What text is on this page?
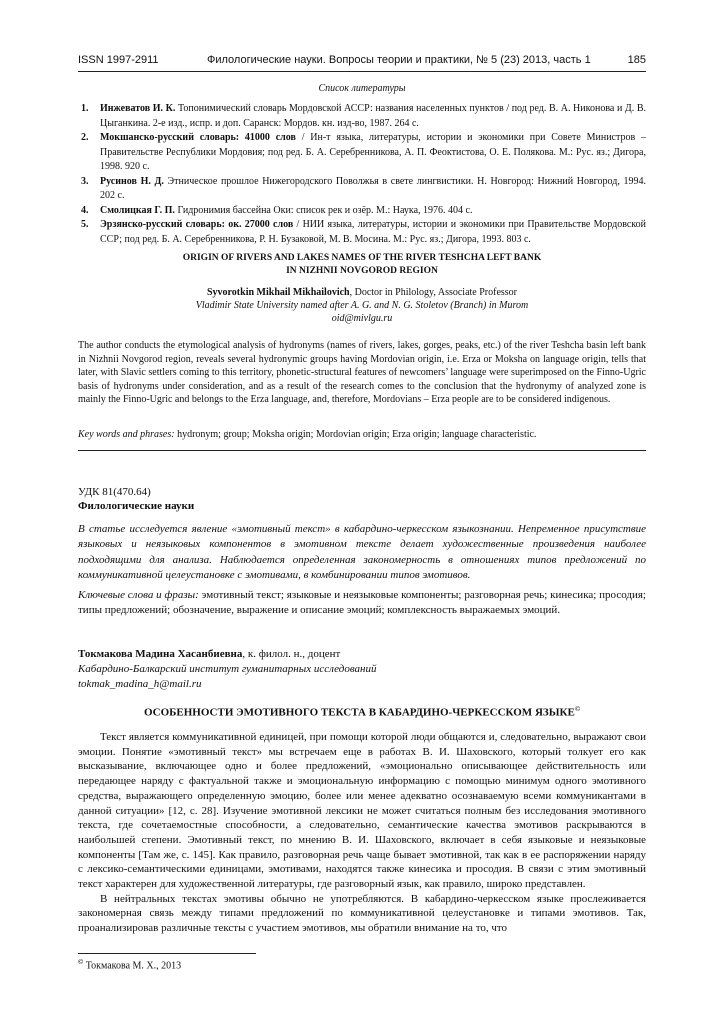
ISSN 1997-2911	Филологические науки. Вопросы теории и практики, № 5 (23) 2013, часть 1	185
Список литературы
1. Инжеватов И. К. Топонимический словарь Мордовской АССР: названия населенных пунктов / под ред. В. А. Никонова и Д. В. Цыганкина. 2-е изд., испр. и доп. Саранск: Мордов. кн. изд-во, 1987. 264 с.
2. Мокшанско-русский словарь: 41000 слов / Ин-т языка, литературы, истории и экономики при Совете Министров – Правительстве Республики Мордовия; под ред. Б. А. Серебренникова, А. П. Феоктистова, О. Е. Полякова. М.: Рус. яз.; Дигора, 1998. 920 с.
3. Русинов Н. Д. Этническое прошлое Нижегородского Поволжья в свете лингвистики. Н. Новгород: Нижний Новгород, 1994. 202 с.
4. Смолицкая Г. П. Гидронимия бассейна Оки: список рек и озёр. М.: Наука, 1976. 404 с.
5. Эрзянско-русский словарь: ок. 27000 слов / НИИ языка, литературы, истории и экономики при Правительстве Мордовской ССР; под ред. Б. А. Серебренникова, Р. Н. Бузаковой, М. В. Мосина. М.: Рус. яз.; Дигора, 1993. 803 с.
ORIGIN OF RIVERS AND LAKES NAMES OF THE RIVER TESHCHA LEFT BANK
IN NIZHNII NOVGOROD REGION
Syvorotkin Mikhail Mikhailovich, Doctor in Philology, Associate Professor
Vladimir State University named after A. G. and N. G. Stoletov (Branch) in Murom
oid@mivlgu.ru

The author conducts the etymological analysis of hydronyms (names of rivers, lakes, gorges, peaks, etc.) of the river Teshcha basin left bank in Nizhnii Novgorod region, reveals several hydronymic groups having Mordovian origin, i.e. Erza or Moksha on language origin, tells that later, with Slavic settlers coming to this territory, phonetic-structural features of newcomers’ language were superimposed on the Finno-Ugric basis of hydronyms under consideration, and as a result of the research comes to the conclusion that the hydronymy of analyzed zone is mainly the Finno-Ugric and belongs to the Erza language, and, therefore, Mordovians – Erza people are to be considered indigenous.

Key words and phrases: hydronym; group; Moksha origin; Mordovian origin; Erza origin; language characteristic.

УДК 81(470.64)
Филологические науки

В статье исследуется явление «эмотивный текст» в кабардино-черкесском языкознании. Непременное присутствие языковых и неязыковых компонентов в эмотивном тексте делает художественные произведения наиболее подходящими для анализа. Наблюдается определенная закономерность в отношениях типов предложений по коммуникативной целеустановке с эмотивами, в комбинировании типов эмотивов.

Ключевые слова и фразы: эмотивный текст; языковые и неязыковые компоненты; разговорная речь; кинесика; просодия; типы предложений; обозначение, выражение и описание эмоций; комплексность выражаемых эмоций.

Токмакова Мадина Хасанбиевна, к. филол. н., доцент
Кабардино-Балкарский институт гуманитарных исследований
tokmak_madina_h@mail.ru
ОСОБЕННОСТИ ЭМОТИВНОГО ТЕКСТА В КАБАРДИНО-ЧЕРКЕССКОМ ЯЗЫКЕ©

Текст является коммуникативной единицей, при помощи которой люди общаются и, следовательно, выражают свои эмоции. Понятие «эмотивный текст» мы встречаем еще в работах В. И. Шаховского, который толкует его как высказывание, включающее одно и более предложений, «эмоционально описывающее действительность или передающее наряду с фактуальной также и эмоциональную информацию с помощью минимум одного эмотивного средства, выражающего определенную эмоцию, более или менее адекватно осознаваемую всеми коммуникантами в данной ситуации» [12, с. 28]. Изучение эмотивной лексики не может считаться полным без исследования эмотивного текста, где сочетаемостные способности, а следовательно, семантические качества эмотивов раскрываются в наибольшей степени. Эмотивный текст, по мнению В. И. Шаховского, включает в себя языковые и неязыковые компоненты [Там же, с. 145]. Как правило, разговорная речь чаще бывает эмотивной, так как в ее распоряжении наряду с лексико-семантическими единицами, эмотивами, находятся также кинесика и просодия. В связи с этим эмотивный текст характерен для художественной литературы, где разговорный язык, как правило, широко представлен.

В нейтральных текстах эмотивы обычно не употребляются. В кабардино-черкесском языке прослеживается закономерная связь между типами предложений по коммуникативной целеустановке и типами эмотивов. Так, проанализировав различные тексты с участием эмотивов, мы обратили внимание на то, что

© Токмакова М. Х., 2013
